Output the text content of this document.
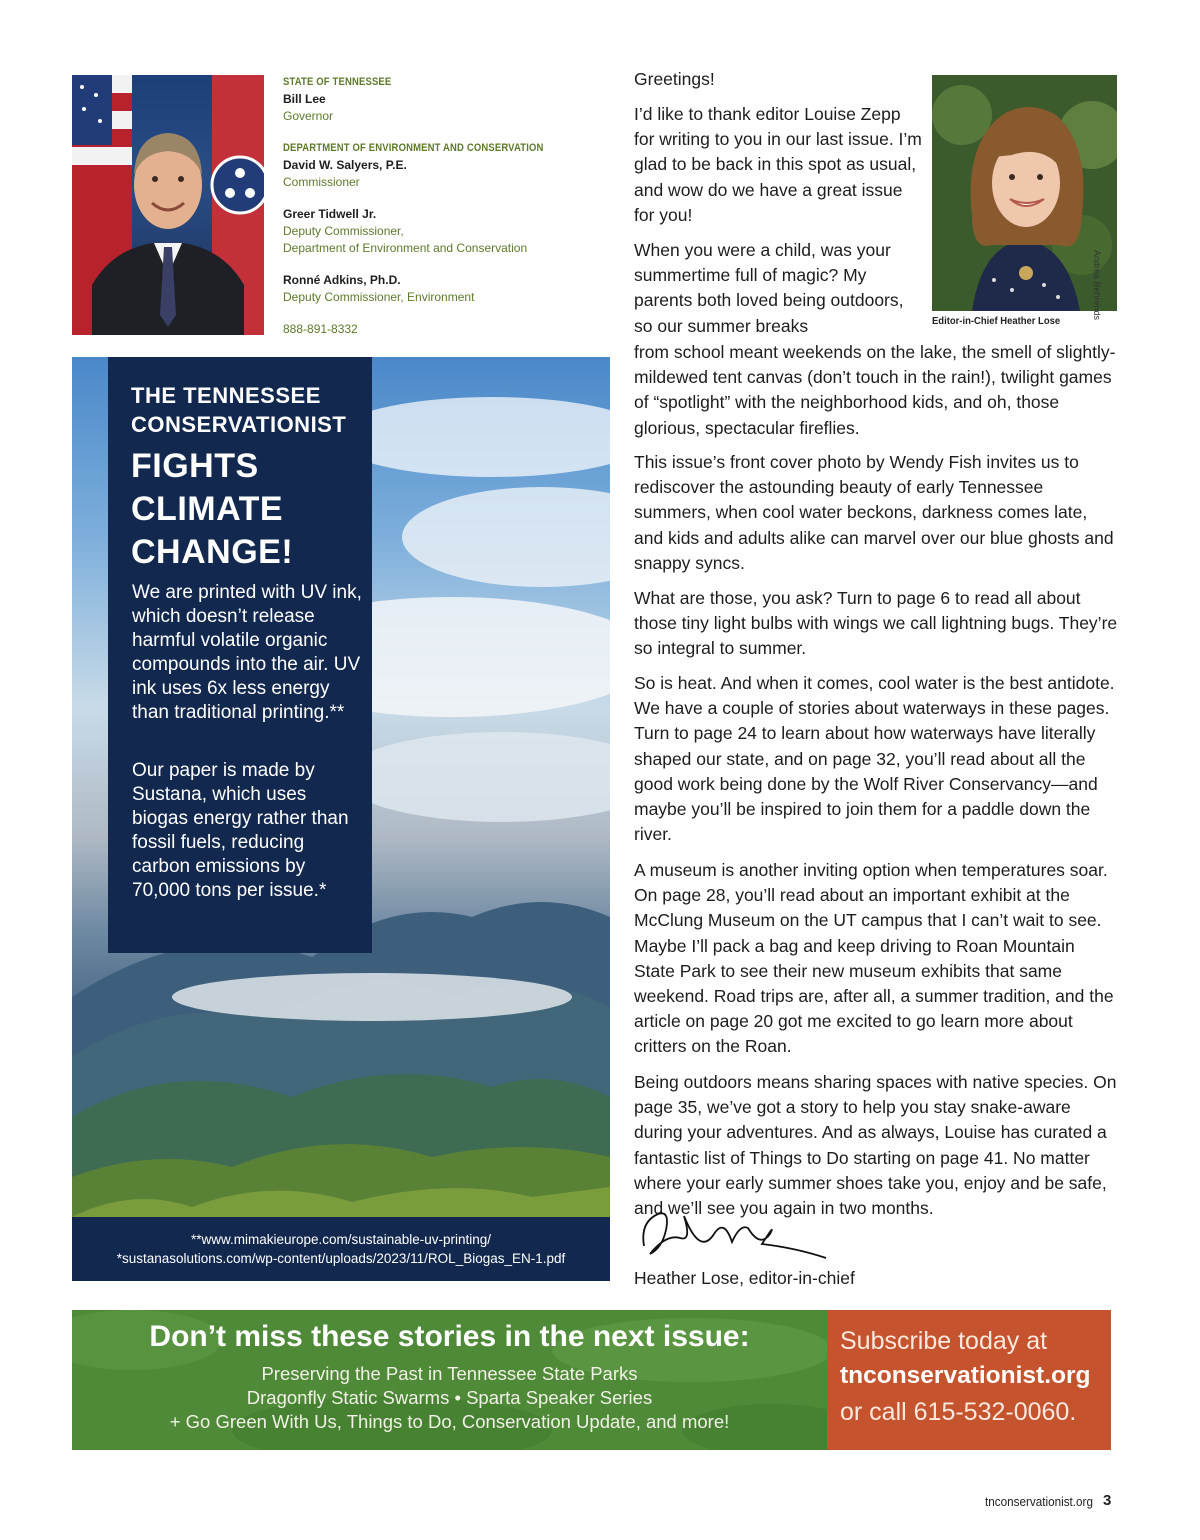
STATE OF TENNESSEE
Bill Lee
Governor
DEPARTMENT OF ENVIRONMENT AND CONSERVATION
David W. Salyers, P.E.
Commissioner
Greer Tidwell Jr.
Deputy Commissioner,
Department of Environment and Conservation
Ronné Adkins, Ph.D.
Deputy Commissioner, Environment
888-891-8332
THE TENNESSEE
CONSERVATIONIST
FIGHTS
CLIMATE
CHANGE!
We are printed with UV ink, which doesn’t release harmful volatile organic compounds into the air. UV ink uses 6x less energy than traditional printing.**
Our paper is made by Sustana, which uses biogas energy rather than fossil fuels, reducing carbon emissions by 70,000 tons per issue.*
**www.mimakieurope.com/sustainable-uv-printing/
*sustanasolutions.com/wp-content/uploads/2023/11/ROL_Biogas_EN-1.pdf
Andrea Behrends
Editor-in-Chief Heather Lose
Greetings!
I’d like to thank editor Louise Zepp for writing to you in our last issue. I’m glad to be back in this spot as usual, and wow do we have a great issue for you!
When you were a child, was your summertime full of magic? My parents both loved being outdoors, so our summer breaks
from school meant weekends on the lake, the smell of slightly-mildewed tent canvas (don’t touch in the rain!), twilight games of “spotlight” with the neighborhood kids, and oh, those glorious, spectacular fireflies.
This issue’s front cover photo by Wendy Fish invites us to rediscover the astounding beauty of early Tennessee summers, when cool water beckons, darkness comes late, and kids and adults alike can marvel over our blue ghosts and snappy syncs.
What are those, you ask? Turn to page 6 to read all about those tiny light bulbs with wings we call lightning bugs. They’re so integral to summer.
So is heat. And when it comes, cool water is the best antidote. We have a couple of stories about waterways in these pages. Turn to page 24 to learn about how waterways have literally shaped our state, and on page 32, you’ll read about all the good work being done by the Wolf River Conservancy—and maybe you’ll be inspired to join them for a paddle down the river.
A museum is another inviting option when temperatures soar. On page 28, you’ll read about an important exhibit at the McClung Museum on the UT campus that I can’t wait to see. Maybe I’ll pack a bag and keep driving to Roan Mountain State Park to see their new museum exhibits that same weekend. Road trips are, after all, a summer tradition, and the article on page 20 got me excited to go learn more about critters on the Roan.
Being outdoors means sharing spaces with native species. On page 35, we’ve got a story to help you stay snake-aware during your adventures. And as always, Louise has curated a fantastic list of Things to Do starting on page 41. No matter where your early summer shoes take you, enjoy and be safe, and we’ll see you again in two months.
Heather Lose, editor-in-chief
Don’t miss these stories in the next issue:
Preserving the Past in Tennessee State Parks
Dragonfly Static Swarms • Sparta Speaker Series
+ Go Green With Us, Things to Do, Conservation Update, and more!
Subscribe today at
tnconservationist.org
or call 615-532-0060.
tnconservationist.org 3
